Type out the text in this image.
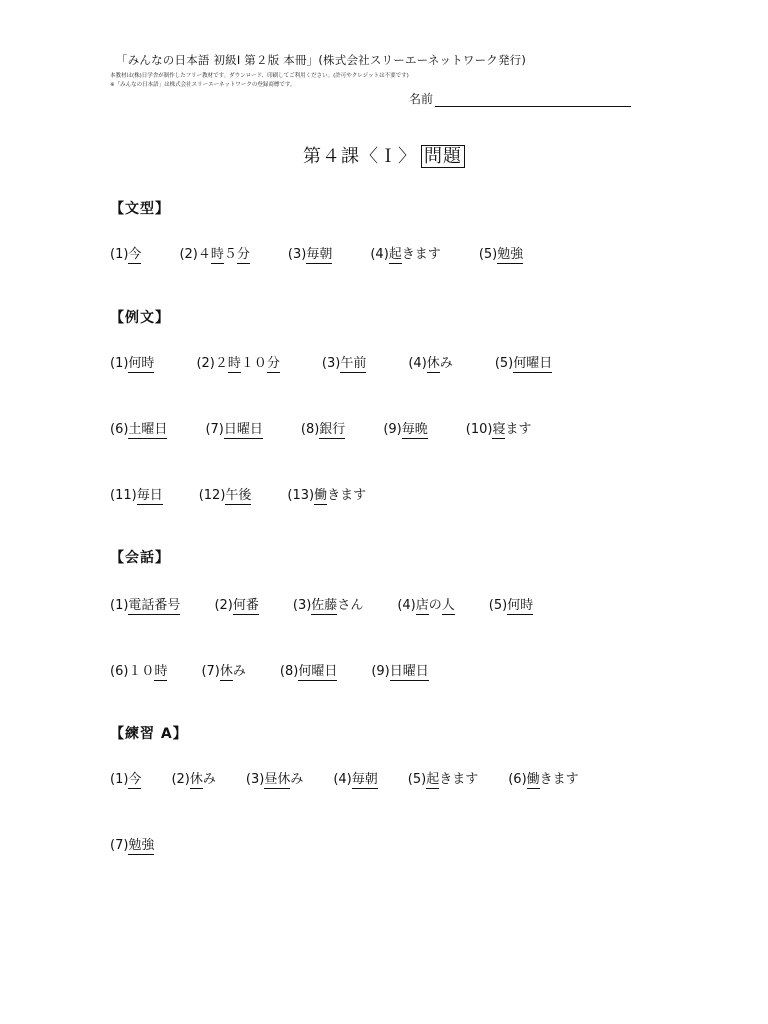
「みんなの日本語 初級Ⅰ 第２版 本冊」(株式会社スリーエーネットワーク発行)
本教材は(株)日学舎が制作したフリー教材です。ダウンロード、印刷してご利用ください。(許可やクレジットは不要です)
※「みんなの日本語」は株式会社スリーエーネットワークの登録商標です。
名前
第４課〈Ｉ〉 問題
【文型】
(1)今	(2)４時５分	(3)毎朝	(4)起きます	(5)勉強
【例文】
(1)何時	(2)２時１０分	(3)午前	(4)休み	(5)何曜日
(6)土曜日	(7)日曜日	(8)銀行	(9)毎晩	(10)寝ます
(11)毎日	(12)午後	(13)働きます
【会話】
(1)電話番号	(2)何番	(3)佐藤さん	(4)店の人	(5)何時
(6)１０時	(7)休み	(8)何曜日	(9)日曜日
【練習 A】
(1)今 (2)休み (3)昼休み (4)毎朝 (5)起きます (6)働きます
(7)勉強
